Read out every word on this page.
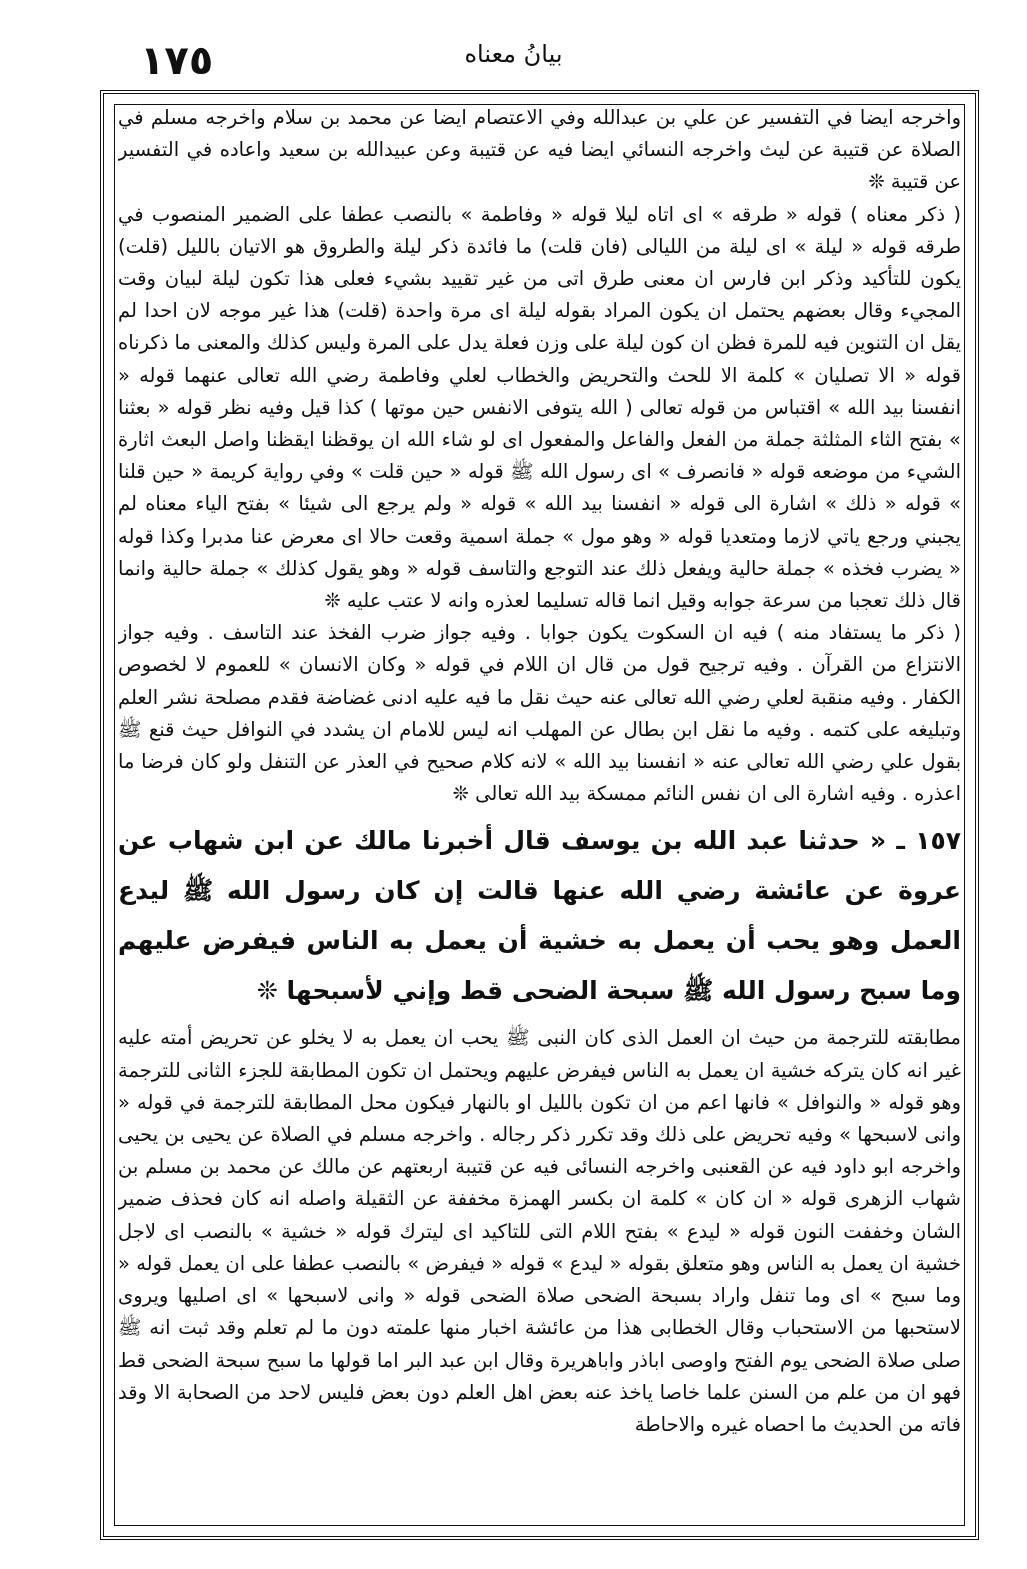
١٧٥	بيانُ معناه

واخرجه ايضا في التفسير عن علي بن عبدالله وفي الاعتصام ايضا عن محمد بن سلام واخرجه مسلم في الصلاة عن قتيبة عن ليث واخرجه النسائي ايضا فيه عن قتيبة وعن عبيدالله بن سعيد واعاده في التفسير عن قتيبة ❊

( ذكر معناه ) قوله « طرقه » اى اتاه ليلا قوله « وفاطمة » بالنصب عطفا على الضمير المنصوب في طرقه قوله « ليلة » اى ليلة من الليالى (فان قلت) ما فائدة ذكر ليلة والطروق هو الاتيان بالليل (قلت) يكون للتأكيد وذكر ابن فارس ان معنى طرق اتى من غير تقييد بشيء فعلى هذا تكون ليلة لبيان وقت المجيء وقال بعضهم يحتمل ان يكون المراد بقوله ليلة اى مرة واحدة (قلت) هذا غير موجه لان احدا لم يقل ان التنوين فيه للمرة فظن ان كون ليلة على وزن فعلة يدل على المرة وليس كذلك والمعنى ما ذكرناه قوله « الا تصليان » كلمة الا للحث والتحريض والخطاب لعلي وفاطمة رضي الله تعالى عنهما قوله « انفسنا بيد الله » اقتباس من قوله تعالى ( الله يتوفى الانفس حين موتها ) كذا قيل وفيه نظر قوله « بعثنا » بفتح الثاء المثلثة جملة من الفعل والفاعل والمفعول اى لو شاء الله ان يوقظنا ايقظنا واصل البعث اثارة الشيء من موضعه قوله « فانصرف » اى رسول الله ﷺ قوله « حين قلت » وفي رواية كريمة « حين قلنا » قوله « ذلك » اشارة الى قوله « انفسنا بيد الله » قوله « ولم يرجع الى شيئا » بفتح الياء معناه لم يجبني ورجع ياتي لازما ومتعديا قوله « وهو مول » جملة اسمية وقعت حالا اى معرض عنا مدبرا وكذا قوله « يضرب فخذه » جملة حالية ويفعل ذلك عند التوجع والتاسف قوله « وهو يقول كذلك » جملة حالية وانما قال ذلك تعجبا من سرعة جوابه وقيل انما قاله تسليما لعذره وانه لا عتب عليه ❊

( ذكر ما يستفاد منه ) فيه ان السكوت يكون جوابا . وفيه جواز ضرب الفخذ عند التاسف . وفيه جواز الانتزاع من القرآن . وفيه ترجيح قول من قال ان اللام في قوله « وكان الانسان » للعموم لا لخصوص الكفار . وفيه منقبة لعلي رضي الله تعالى عنه حيث نقل ما فيه عليه ادنى غضاضة فقدم مصلحة نشر العلم وتبليغه على كتمه . وفيه ما نقل ابن بطال عن المهلب انه ليس للامام ان يشدد في النوافل حيث قنع ﷺ بقول علي رضي الله تعالى عنه « انفسنا بيد الله » لانه كلام صحيح في العذر عن التنفل ولو كان فرضا ما اعذره . وفيه اشارة الى ان نفس النائم ممسكة بيد الله تعالى ❊

١٥٧ ـ « حدثنا عبد الله بن يوسف قال أخبرنا مالك عن ابن شهاب عن عروة عن عائشة رضي الله عنها قالت إن كان رسول الله ﷺ ليدع العمل وهو يحب أن يعمل به خشية أن يعمل به الناس فيفرض عليهم وما سبح رسول الله ﷺ سبحة الضحى قط وإني لأسبحها ❊

مطابقته للترجمة من حيث ان العمل الذى كان النبى ﷺ يحب ان يعمل به لا يخلو عن تحريض أمته عليه غير انه كان يتركه خشية ان يعمل به الناس فيفرض عليهم ويحتمل ان تكون المطابقة للجزء الثانى للترجمة وهو قوله « والنوافل » فانها اعم من ان تكون بالليل او بالنهار فيكون محل المطابقة للترجمة في قوله « وانى لاسبحها » وفيه تحريض على ذلك وقد تكرر ذكر رجاله . واخرجه مسلم في الصلاة عن يحيى بن يحيى واخرجه ابو داود فيه عن القعنبى واخرجه النسائى فيه عن قتيبة اربعتهم عن مالك عن محمد بن مسلم بن شهاب الزهرى قوله « ان كان » كلمة ان بكسر الهمزة مخففة عن الثقيلة واصله انه كان فحذف ضمير الشان وخففت النون قوله « ليدع » بفتح اللام التى للتاكيد اى ليترك قوله « خشية » بالنصب اى لاجل خشية ان يعمل به الناس وهو متعلق بقوله « ليدع » قوله « فيفرض » بالنصب عطفا على ان يعمل قوله « وما سبح » اى وما تنفل واراد بسبحة الضحى صلاة الضحى قوله « وانى لاسبحها » اى اصليها ويروى لاستحبها من الاستحباب وقال الخطابى هذا من عائشة اخبار منها علمته دون ما لم تعلم وقد ثبت انه ﷺ صلى صلاة الضحى يوم الفتح واوصى اباذر واباهريرة وقال ابن عبد البر اما قولها ما سبح سبحة الضحى قط فهو ان من علم من السنن علما خاصا ياخذ عنه بعض اهل العلم دون بعض فليس لاحد من الصحابة الا وقد فاته من الحديث ما احصاه غيره والاحاطة
